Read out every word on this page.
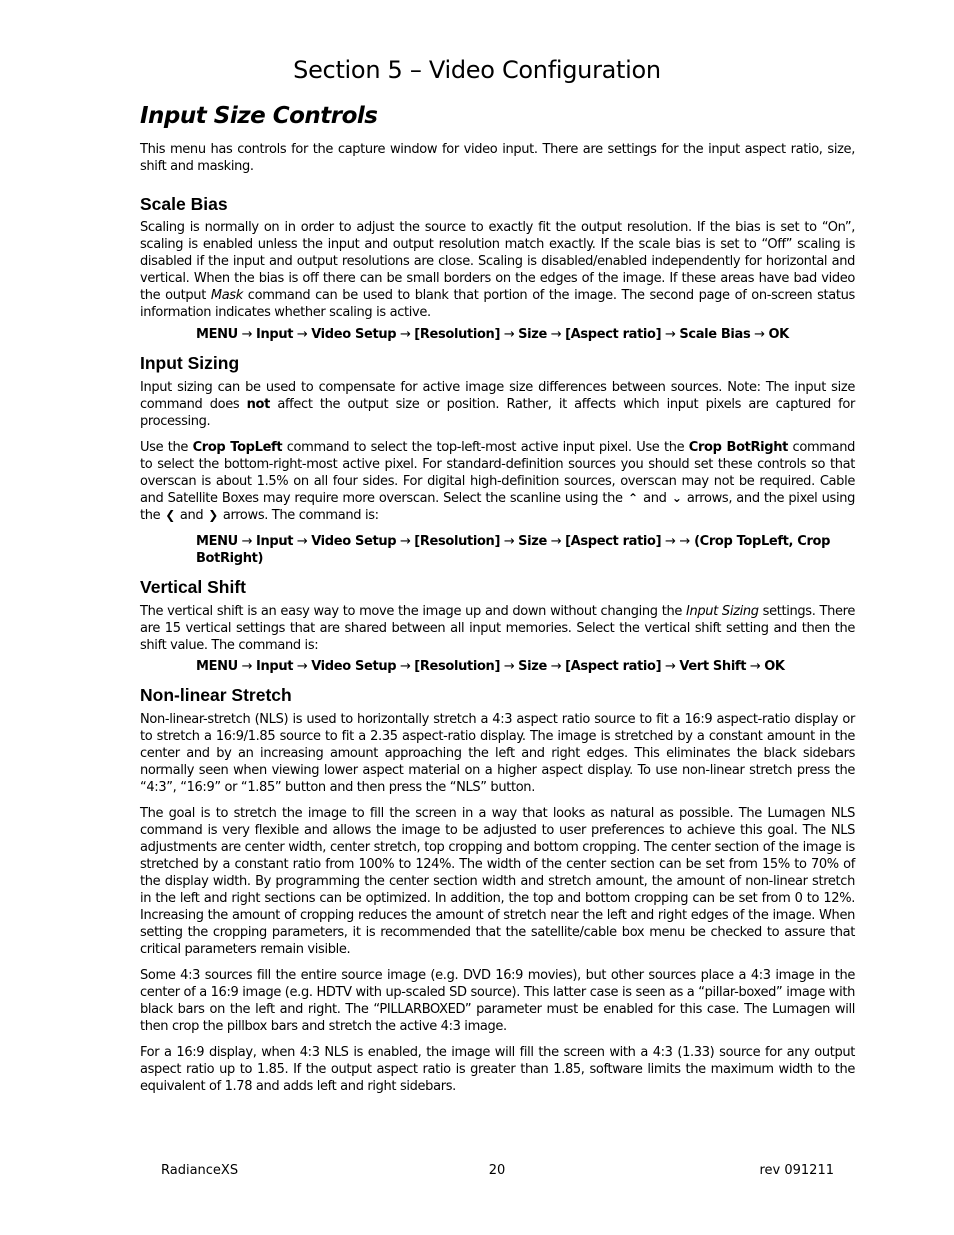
Section 5 – Video Configuration
Input Size Controls
This menu has controls for the capture window for video input. There are settings for the input aspect ratio, size, shift and masking.
Scale Bias
Scaling is normally on in order to adjust the source to exactly fit the output resolution. If the bias is set to “On”, scaling is enabled unless the input and output resolution match exactly. If the scale bias is set to “Off” scaling is disabled if the input and output resolutions are close. Scaling is disabled/enabled independently for horizontal and vertical. When the bias is off there can be small borders on the edges of the image. If these areas have bad video the output Mask command can be used to blank that portion of the image. The second page of on-screen status information indicates whether scaling is active.
MENU → Input → Video Setup → [Resolution] → Size → [Aspect ratio] → Scale Bias → OK
Input Sizing
Input sizing can be used to compensate for active image size differences between sources. Note: The input size command does not affect the output size or position. Rather, it affects which input pixels are captured for processing.
Use the Crop TopLeft command to select the top-left-most active input pixel. Use the Crop BotRight command to select the bottom-right-most active pixel. For standard-definition sources you should set these controls so that overscan is about 1.5% on all four sides. For digital high-definition sources, overscan may not be required. Cable and Satellite Boxes may require more overscan. Select the scanline using the ⌃ and ⌄ arrows, and the pixel using the ❮ and ❯ arrows. The command is:
MENU → Input → Video Setup → [Resolution] → Size → [Aspect ratio] → → (Crop TopLeft, Crop BotRight)
Vertical Shift
The vertical shift is an easy way to move the image up and down without changing the Input Sizing settings. There are 15 vertical settings that are shared between all input memories. Select the vertical shift setting and then the shift value. The command is:
MENU → Input → Video Setup → [Resolution] → Size → [Aspect ratio] → Vert Shift → OK
Non-linear Stretch
Non-linear-stretch (NLS) is used to horizontally stretch a 4:3 aspect ratio source to fit a 16:9 aspect-ratio display or to stretch a 16:9/1.85 source to fit a 2.35 aspect-ratio display. The image is stretched by a constant amount in the center and by an increasing amount approaching the left and right edges. This eliminates the black sidebars normally seen when viewing lower aspect material on a higher aspect display. To use non-linear stretch press the “4:3”, “16:9” or “1.85” button and then press the “NLS” button.
The goal is to stretch the image to fill the screen in a way that looks as natural as possible. The Lumagen NLS command is very flexible and allows the image to be adjusted to user preferences to achieve this goal. The NLS adjustments are center width, center stretch, top cropping and bottom cropping. The center section of the image is stretched by a constant ratio from 100% to 124%. The width of the center section can be set from 15% to 70% of the display width. By programming the center section width and stretch amount, the amount of non-linear stretch in the left and right sections can be optimized. In addition, the top and bottom cropping can be set from 0 to 12%. Increasing the amount of cropping reduces the amount of stretch near the left and right edges of the image. When setting the cropping parameters, it is recommended that the satellite/cable box menu be checked to assure that critical parameters remain visible.
Some 4:3 sources fill the entire source image (e.g. DVD 16:9 movies), but other sources place a 4:3 image in the center of a 16:9 image (e.g. HDTV with up-scaled SD source). This latter case is seen as a “pillar-boxed” image with black bars on the left and right. The “PILLARBOXED” parameter must be enabled for this case. The Lumagen will then crop the pillbox bars and stretch the active 4:3 image.
For a 16:9 display, when 4:3 NLS is enabled, the image will fill the screen with a 4:3 (1.33) source for any output aspect ratio up to 1.85. If the output aspect ratio is greater than 1.85, software limits the maximum width to the equivalent of 1.78 and adds left and right sidebars.
RadianceXS	20	rev 091211
